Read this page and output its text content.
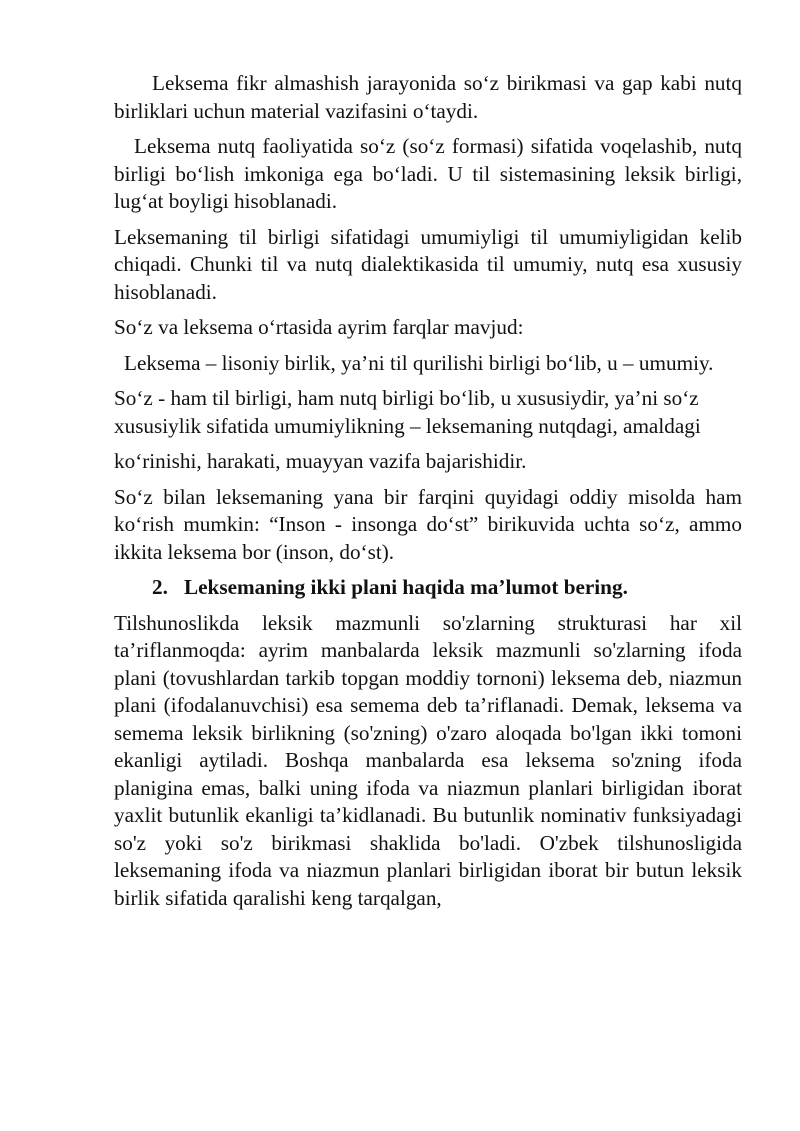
Leksema fikr almashish jarayonida so‘z birikmasi va gap kabi nutq birliklari uchun material vazifasini o‘taydi.

Leksema nutq faoliyatida so‘z (so‘z formasi) sifatida voqelashib, nutq birligi bo‘lish imkoniga ega bo‘ladi. U til sistemasining leksik birligi, lug‘at boyligi hisoblanadi.

Leksemaning til birligi sifatidagi umumiyligi til umumiyligidan kelib chiqadi. Chunki til va nutq dialektikasida til umumiy, nutq esa xususiy hisoblanadi.

So‘z va leksema o‘rtasida ayrim farqlar mavjud:

Leksema – lisoniy birlik, ya’ni til qurilishi birligi bo‘lib, u – umumiy.

So‘z - ham til birligi, ham nutq birligi bo‘lib, u xususiydir, ya’ni so‘z xususiylik sifatida umumiylikning – leksemaning nutqdagi, amaldagi

ko‘rinishi, harakati, muayyan vazifa bajarishidir.

So‘z bilan leksemaning yana bir farqini quyidagi oddiy misolda ham ko‘rish mumkin: “Inson - insonga do‘st” birikuvida uchta so‘z, ammo ikkita leksema bor (inson, do‘st).

2. Leksemaning ikki plani haqida ma’lumot bering.

Tilshunoslikda leksik mazmunli so'zlarning strukturasi har xil ta’riflanmoqda: ayrim manbalarda leksik mazmunli so'zlarning ifoda plani (tovushlardan tarkib topgan moddiy tornoni) leksema deb, niazmun plani (ifodalanuvchisi) esa semema deb ta’riflanadi. Demak, leksema va semema leksik birlikning (so'zning) o'zaro aloqada bo'lgan ikki tomoni ekanligi aytiladi. Boshqa manbalarda esa leksema so'zning ifoda planigina emas, balki uning ifoda va niazmun planlari birligidan iborat yaxlit butunlik ekanligi ta’kidlanadi. Bu butunlik nominativ funksiyadagi so'z yoki so'z birikmasi shaklida bo'ladi. O'zbek tilshunosligida leksemaning ifoda va niazmun planlari birligidan iborat bir butun leksik birlik sifatida qaralishi keng tarqalgan,
